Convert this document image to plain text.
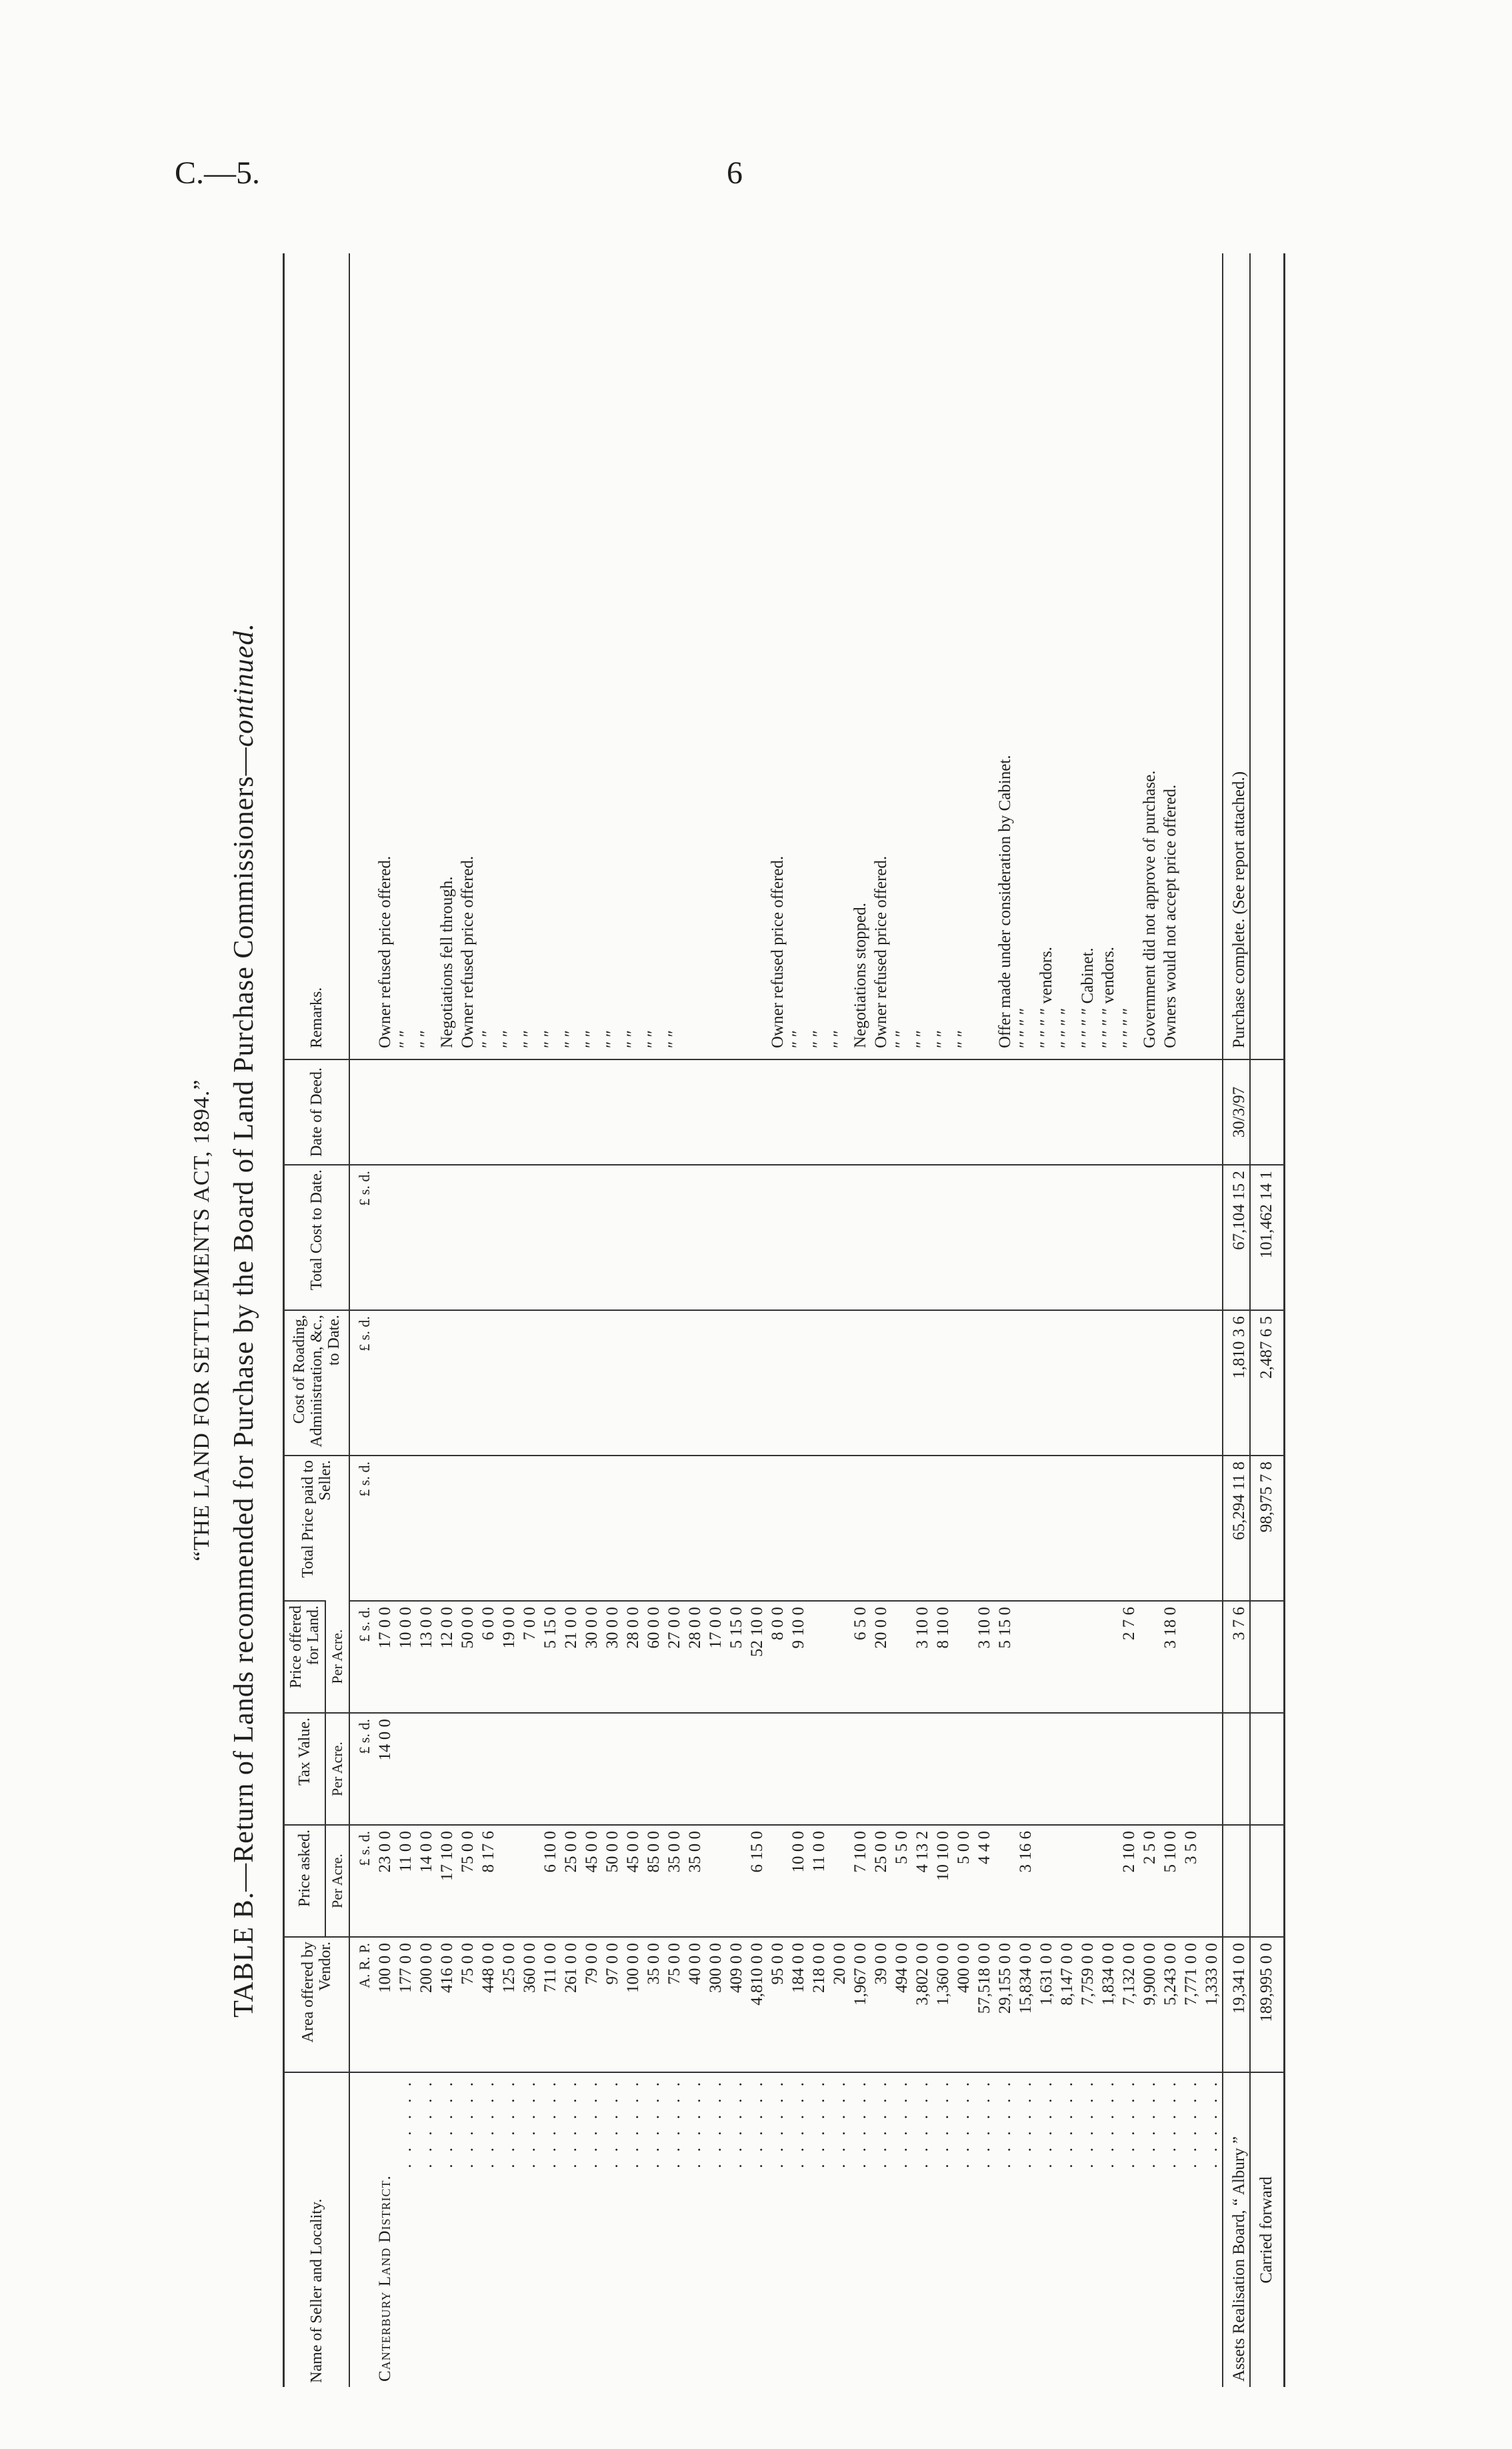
C.—5.	6
“THE LAND FOR SETTLEMENTS ACT, 1894.” TABLE B.—Return of Lands recommended for Purchase by the Board of Land Purchase Commissioners—continued.
Name of Seller and Locality.	Area offered by Vendor.	Price asked.	Tax Value.	Price offered for Land.	Total Price paid to Seller.	Cost of Roading, Administration, &c., to Date.	Total Cost to Date.	Date of Deed.	Remarks.
		Per Acre.	Per Acre.	Per Acre.					
	A. R. P.	£ s. d.	£ s. d.	£ s. d.	£ s. d.	£ s. d.	£ s. d.		
Canterbury Land District.	100 0 0	23 0 0	14 0 0	17 0 0					Owner refused price offered.

. . . . . .	177 0 0	11 0 0		10 0 0					″ ″

. . . . . .	200 0 0	14 0 0		13 0 0					″ ″

. . . . . .	416 0 0	17 10 0		12 0 0					Negotiations fell through.

. . . . . .	75 0 0	75 0 0		50 0 0					Owner refused price offered.

. . . . . .	448 0 0	8 17 6		6 0 0					″ ″

. . . . . .	125 0 0			19 0 0					″ ″

. . . . . .	360 0 0			7 0 0					″ ″

. . . . . .	711 0 0	6 10 0		5 15 0					″ ″

. . . . . .	261 0 0	25 0 0		21 0 0					″ ″

. . . . . .	79 0 0	45 0 0		30 0 0					″ ″

. . . . . .	97 0 0	50 0 0		30 0 0					″ ″

. . . . . .	100 0 0	45 0 0		28 0 0					″ ″

. . . . . .	35 0 0	85 0 0		60 0 0					″ ″

. . . . . .	75 0 0	35 0 0		27 0 0					″ ″

. . . . . .	40 0 0	35 0 0		28 0 0					

. . . . . .	300 0 0			17 0 0					

. . . . . .	409 0 0			5 15 0					

. . . . . .	4,810 0 0	6 15 0		52 10 0					

. . . . . .	95 0 0			8 0 0					Owner refused price offered.

. . . . . .	184 0 0	10 0 0		9 10 0					″ ″

. . . . . .	218 0 0	11 0 0							″ ″

. . . . . .	20 0 0								″ ″

. . . . . .	1,967 0 0	7 10 0		6 5 0					Negotiations stopped.

. . . . . .	39 0 0	25 0 0		20 0 0					Owner refused price offered.

. . . . . .	494 0 0	5 5 0							″ ″

. . . . . .	3,802 0 0	4 13 2		3 10 0					″ ″

. . . . . .	1,360 0 0	10 10 0		8 10 0					″ ″

. . . . . .	400 0 0	5 0 0							″ ″

. . . . . .	57,518 0 0	4 4 0		3 10 0					

. . . . . .	29,155 0 0			5 15 0					Offer made under consideration by Cabinet.

. . . . . .	15,834 0 0	3 16 6							″ ″ ″ ″

. . . . . .	1,631 0 0								″ ″ ″ ″ vendors.

. . . . . .	8,147 0 0								″ ″ ″ ″

. . . . . .	7,759 0 0								″ ″ ″ ″ Cabinet.

. . . . . .	1,834 0 0								″ ″ ″ ″ vendors.

. . . . . .	7,132 0 0	2 10 0		2 7 6					″ ″ ″ ″

. . . . . .	9,900 0 0	2 5 0							Government did not approve of purchase.

. . . . . .	5,243 0 0	5 10 0		3 18 0					Owners would not accept price offered.

. . . . . .	7,771 0 0	3 5 0							

. . . . . .	1,333 0 0								
Assets Realisation Board, “ Albury ”	19,341 0 0			3 7 6	65,294 11 8	1,810 3 6	67,104 15 2	30/3/97	Purchase complete. (See report attached.)
Carried forward	189,995 0 0				98,975 7 8	2,487 6 5	101,462 14 1		
